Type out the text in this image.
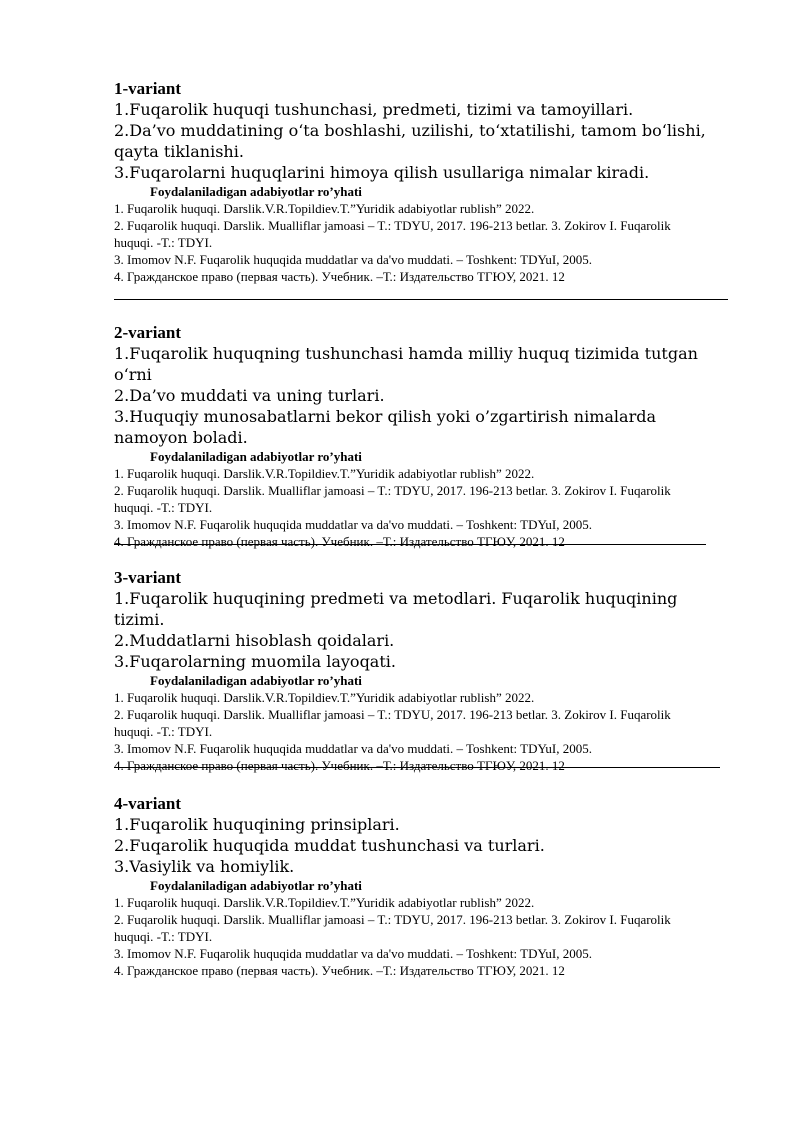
1-variant

1.Fuqarolik huquqi tushunchasi, predmeti, tizimi va tamoyillari.

2.Da’vo muddatining o‘ta boshlashi, uzilishi, to‘xtatilishi, tamom bo‘lishi, qayta tiklanishi.

3.Fuqarolarni huquqlarini himoya qilish usullariga nimalar kiradi.

Foydalaniladigan adabiyotlar ro’yhati

1. Fuqarolik huquqi. Darslik.V.R.Topildiev.T.”Yuridik adabiyotlar rublish” 2022.

2. Fuqarolik huquqi. Darslik. Mualliflar jamoasi – T.: TDYU, 2017. 196-213 betlar. 3. Zokirov I. Fuqarolik huquqi. -T.: TDYI.

3. Imomov N.F. Fuqarolik huquqida muddatlar va da'vo muddati. – Toshkent: TDYuI, 2005.

4. Гражданское право (первая часть). Учебник. –Т.: Издательство ТГЮУ, 2021. 12

2-variant

1.Fuqarolik huquqning tushunchasi hamda milliy huquq tizimida tutgan o‘rni

2.Da’vo muddati va uning turlari.

3.Huquqiy munosabatlarni bekor qilish yoki o’zgartirish nimalarda namoyon boladi.

Foydalaniladigan adabiyotlar ro’yhati

1. Fuqarolik huquqi. Darslik.V.R.Topildiev.T.”Yuridik adabiyotlar rublish” 2022.

2. Fuqarolik huquqi. Darslik. Mualliflar jamoasi – T.: TDYU, 2017. 196-213 betlar. 3. Zokirov I. Fuqarolik huquqi. -T.: TDYI.

3. Imomov N.F. Fuqarolik huquqida muddatlar va da'vo muddati. – Toshkent: TDYuI, 2005.

4. Гражданское право (первая часть). Учебник. –Т.: Издательство ТГЮУ, 2021. 12

3-variant

1.Fuqarolik huquqining predmeti va metodlari. Fuqarolik huquqining tizimi.

2.Muddatlarni hisoblash qoidalari.

3.Fuqarolarning muomila layoqati.

Foydalaniladigan adabiyotlar ro’yhati

1. Fuqarolik huquqi. Darslik.V.R.Topildiev.T.”Yuridik adabiyotlar rublish” 2022.

2. Fuqarolik huquqi. Darslik. Mualliflar jamoasi – T.: TDYU, 2017. 196-213 betlar. 3. Zokirov I. Fuqarolik huquqi. -T.: TDYI.

3. Imomov N.F. Fuqarolik huquqida muddatlar va da'vo muddati. – Toshkent: TDYuI, 2005.

4. Гражданское право (первая часть). Учебник. –Т.: Издательство ТГЮУ, 2021. 12

4-variant

1.Fuqarolik huquqining prinsiplari.

2.Fuqarolik huquqida muddat tushunchasi va turlari.

3.Vasiylik va homiylik.

Foydalaniladigan adabiyotlar ro’yhati

1. Fuqarolik huquqi. Darslik.V.R.Topildiev.T.”Yuridik adabiyotlar rublish” 2022.

2. Fuqarolik huquqi. Darslik. Mualliflar jamoasi – T.: TDYU, 2017. 196-213 betlar. 3. Zokirov I. Fuqarolik huquqi. -T.: TDYI.

3. Imomov N.F. Fuqarolik huquqida muddatlar va da'vo muddati. – Toshkent: TDYuI, 2005.

4. Гражданское право (первая часть). Учебник. –Т.: Издательство ТГЮУ, 2021. 12
